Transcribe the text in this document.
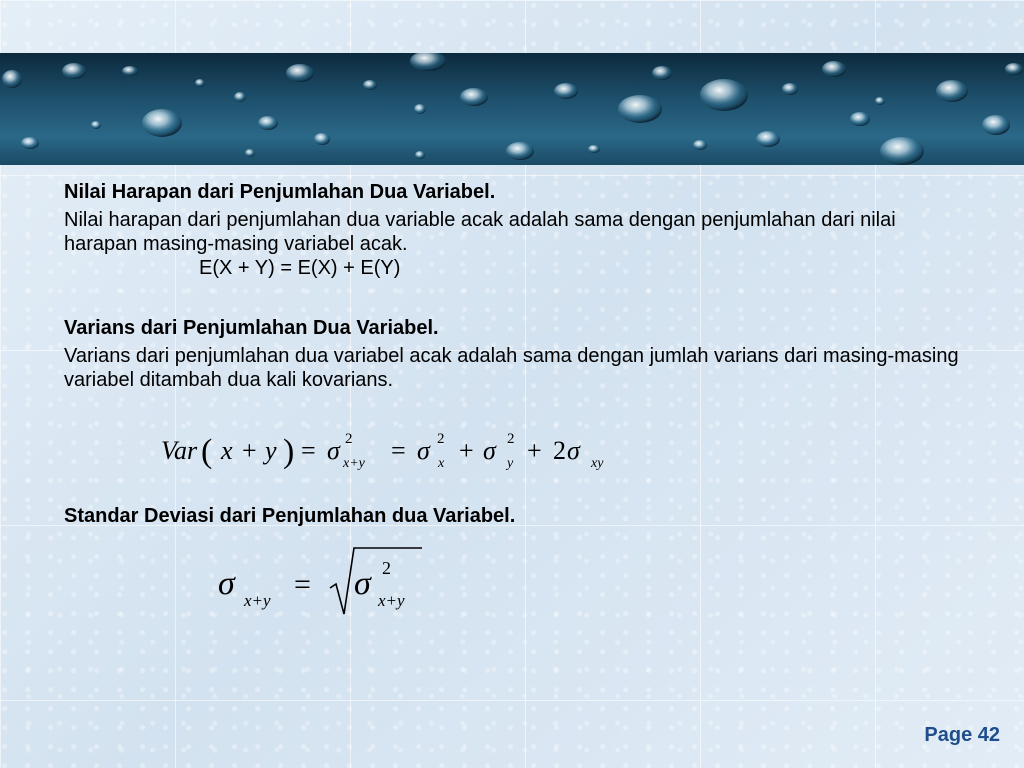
Nilai Harapan dari Penjumlahan Dua Variabel.
Nilai harapan dari penjumlahan dua variable acak adalah sama dengan penjumlahan dari nilai harapan masing-masing variabel acak.
E(X + Y) = E(X) + E(Y)
Varians dari Penjumlahan Dua Variabel.
Varians dari penjumlahan dua variabel acak adalah sama dengan jumlah varians dari masing-masing variabel ditambah dua kali kovarians.
Var ( x + y ) = σ 2
x+y = σ 2
x + σ 2
y + 2 σ xy
Standar Deviasi dari Penjumlahan dua Variabel.
σ x+y = σ 2
x+y
Page 42
